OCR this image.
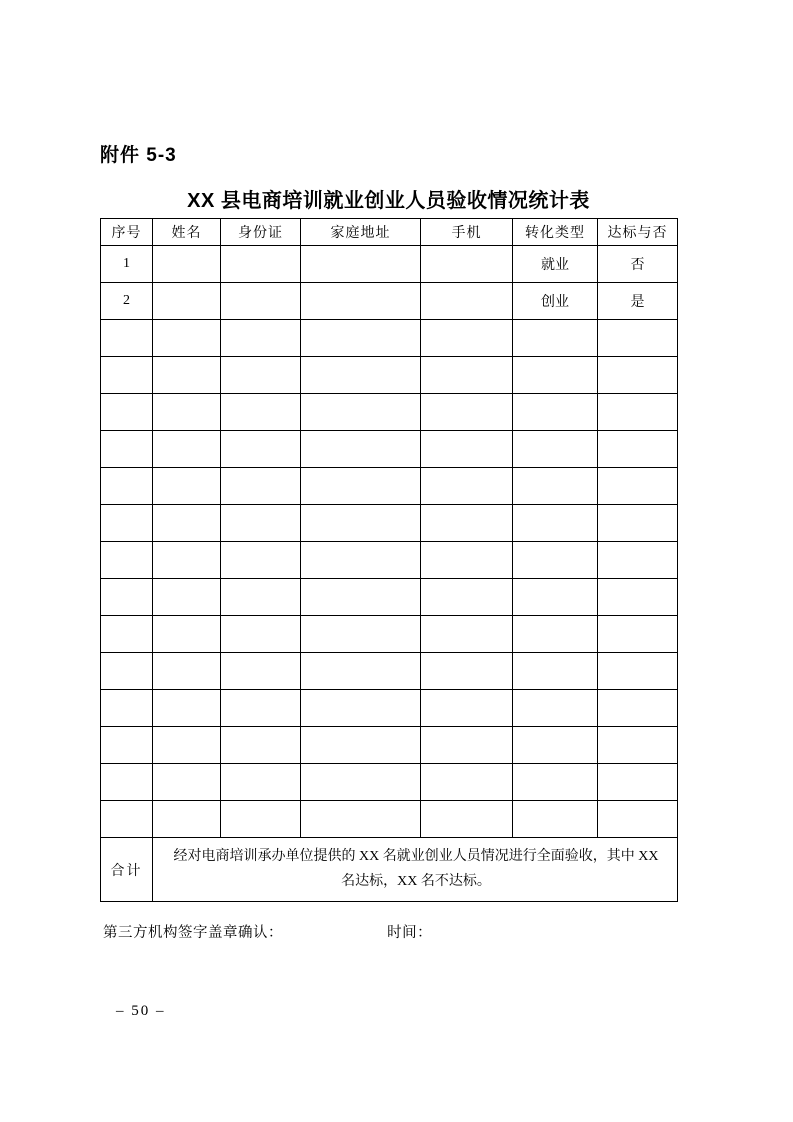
附件 5-3
XX 县电商培训就业创业人员验收情况统计表
序号	姓名	身份证	家庭地址	手机	转化类型	达标与否
1					就业	否
2					创业	是

合计	经对电商培训承办单位提供的 XX 名就业创业人员情况进行全面验收，其中 XX 名达标，XX 名不达标。					
第三方机构签字盖章确认：	时间：
– 50 –
